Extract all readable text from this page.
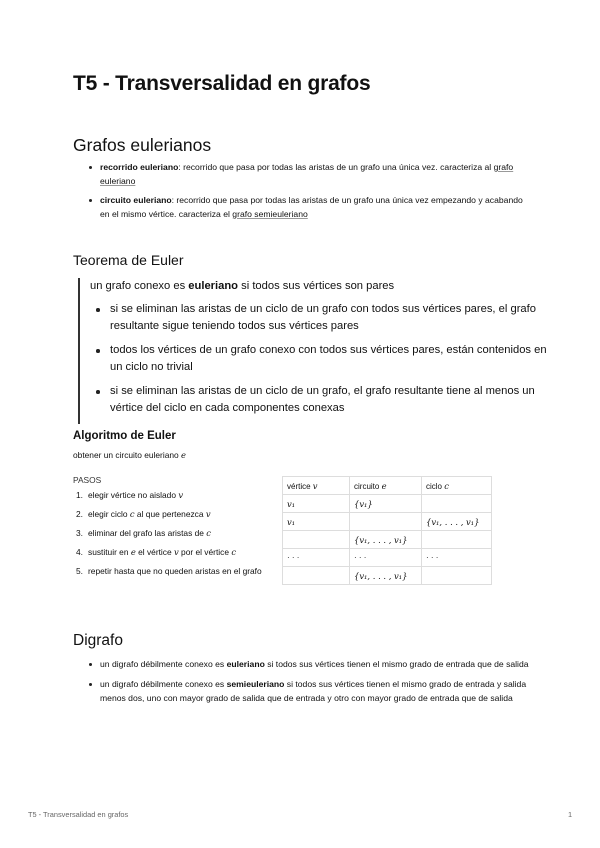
T5 - Transversalidad en grafos
Grafos eulerianos
recorrido euleriano: recorrido que pasa por todas las aristas de un grafo una única vez. caracteriza al grafo euleriano
circuito euleriano: recorrido que pasa por todas las aristas de un grafo una única vez empezando y acabando en el mismo vértice. caracteriza el grafo semieuleriano
Teorema de Euler
un grafo conexo es euleriano si todos sus vértices son pares
si se eliminan las aristas de un ciclo de un grafo con todos sus vértices pares, el grafo resultante sigue teniendo todos sus vértices pares
todos los vértices de un grafo conexo con todos sus vértices pares, están contenidos en un ciclo no trivial
si se eliminan las aristas de un ciclo de un grafo, el grafo resultante tiene al menos un vértice del ciclo en cada componentes conexas
Algoritmo de Euler
obtener un circuito euleriano e
PASOS
1. elegir vértice no aislado v
2. elegir ciclo c al que pertenezca v
3. eliminar del grafo las aristas de c
4. sustituir en e el vértice v por el vértice c
5. repetir hasta que no queden aristas en el grafo
vértice v	circuito e	ciclo c
v₁	{v₁}	
v₁		{v₁, . . . , v₁}
	{v₁, . . . , v₁}	
· · ·	· · ·	· · ·
	{v₁, . . . , v₁}	
Digrafo
un digrafo débilmente conexo es euleriano si todos sus vértices tienen el mismo grado de entrada que de salida
un digrafo débilmente conexo es semieuleriano si todos sus vértices tienen el mismo grado de entrada y salida menos dos, uno con mayor grado de salida que de entrada y otro con mayor grado de entrada que de salida
T5 - Transversalidad en grafos	1
